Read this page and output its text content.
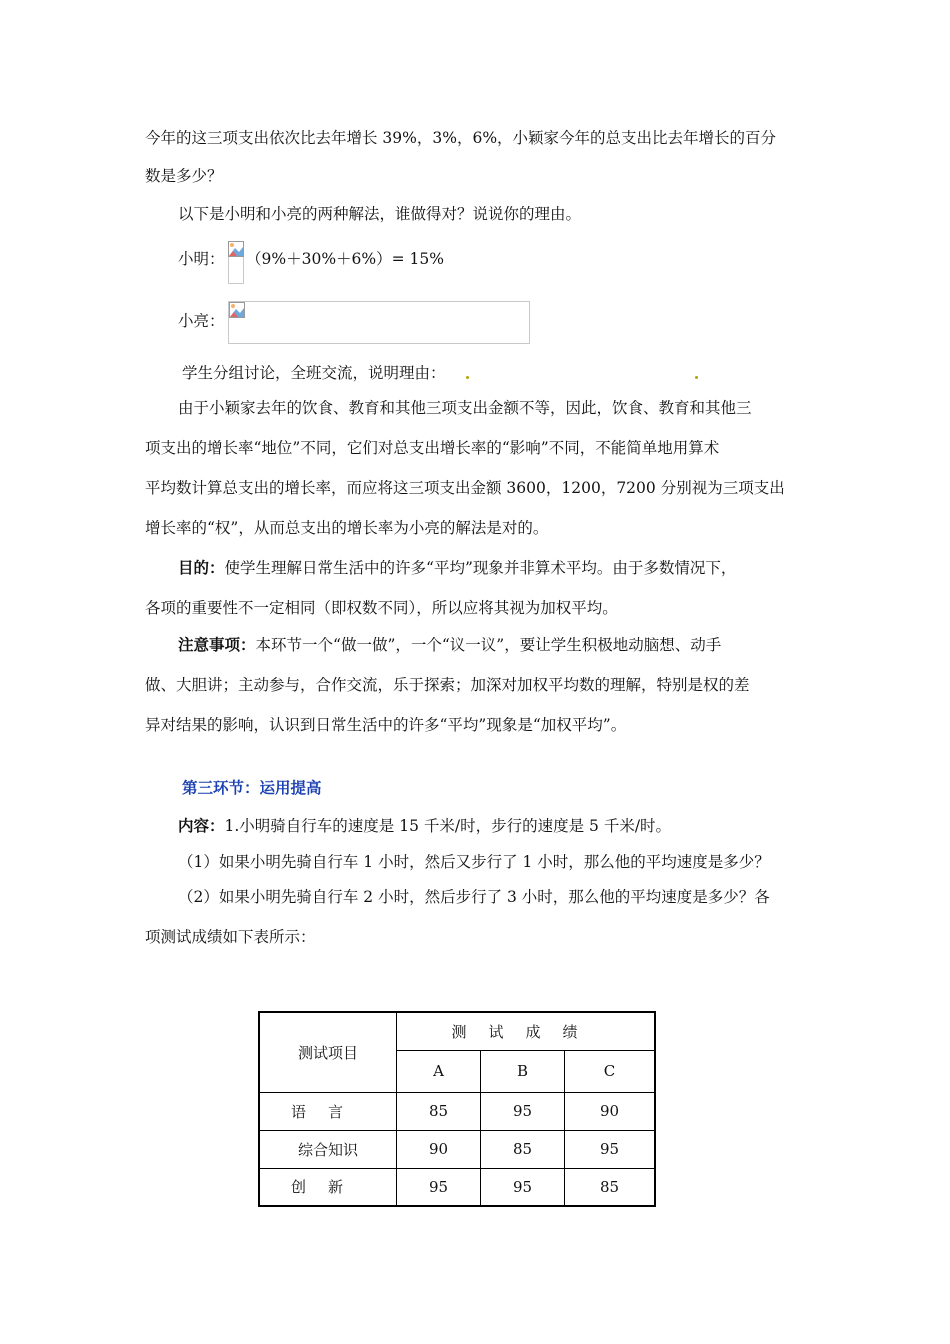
今年的这三项支出依次比去年增长 39%，3%，6%，小颖家今年的总支出比去年增长的百分
数是多少？
以下是小明和小亮的两种解法，谁做得对？说说你的理由。
小明： （9%＋30%＋6%）= 15%
小亮：
学生分组讨论，全班交流，说明理由：
由于小颖家去年的饮食、教育和其他三项支出金额不等，因此，饮食、教育和其他三
项支出的增长率“地位”不同，它们对总支出增长率的“影响”不同，不能简单地用算术
平均数计算总支出的增长率，而应将这三项支出金额 3600，1200，7200 分别视为三项支出
增长率的“权”，从而总支出的增长率为小亮的解法是对的。
目的：使学生理解日常生活中的许多“平均”现象并非算术平均。由于多数情况下，
各项的重要性不一定相同（即权数不同），所以应将其视为加权平均。
注意事项：本环节一个“做一做”，一个“议一议”，要让学生积极地动脑想、动手
做、大胆讲；主动参与，合作交流，乐于探索；加深对加权平均数的理解，特别是权的差
异对结果的影响，认识到日常生活中的许多“平均”现象是“加权平均”。
第三环节：运用提高
内容：1.小明骑自行车的速度是 15 千米/时，步行的速度是 5 千米/时。
（1）如果小明先骑自行车 1 小时，然后又步行了 1 小时，那么他的平均速度是多少？
（2）如果小明先骑自行车 2 小时，然后步行了 3 小时，那么他的平均速度是多少？各
项测试成绩如下表所示：
测试项目	测试成绩		
	A	B	C
语言	85	95	90
综合知识	90	85	95
创新	95	95	85
